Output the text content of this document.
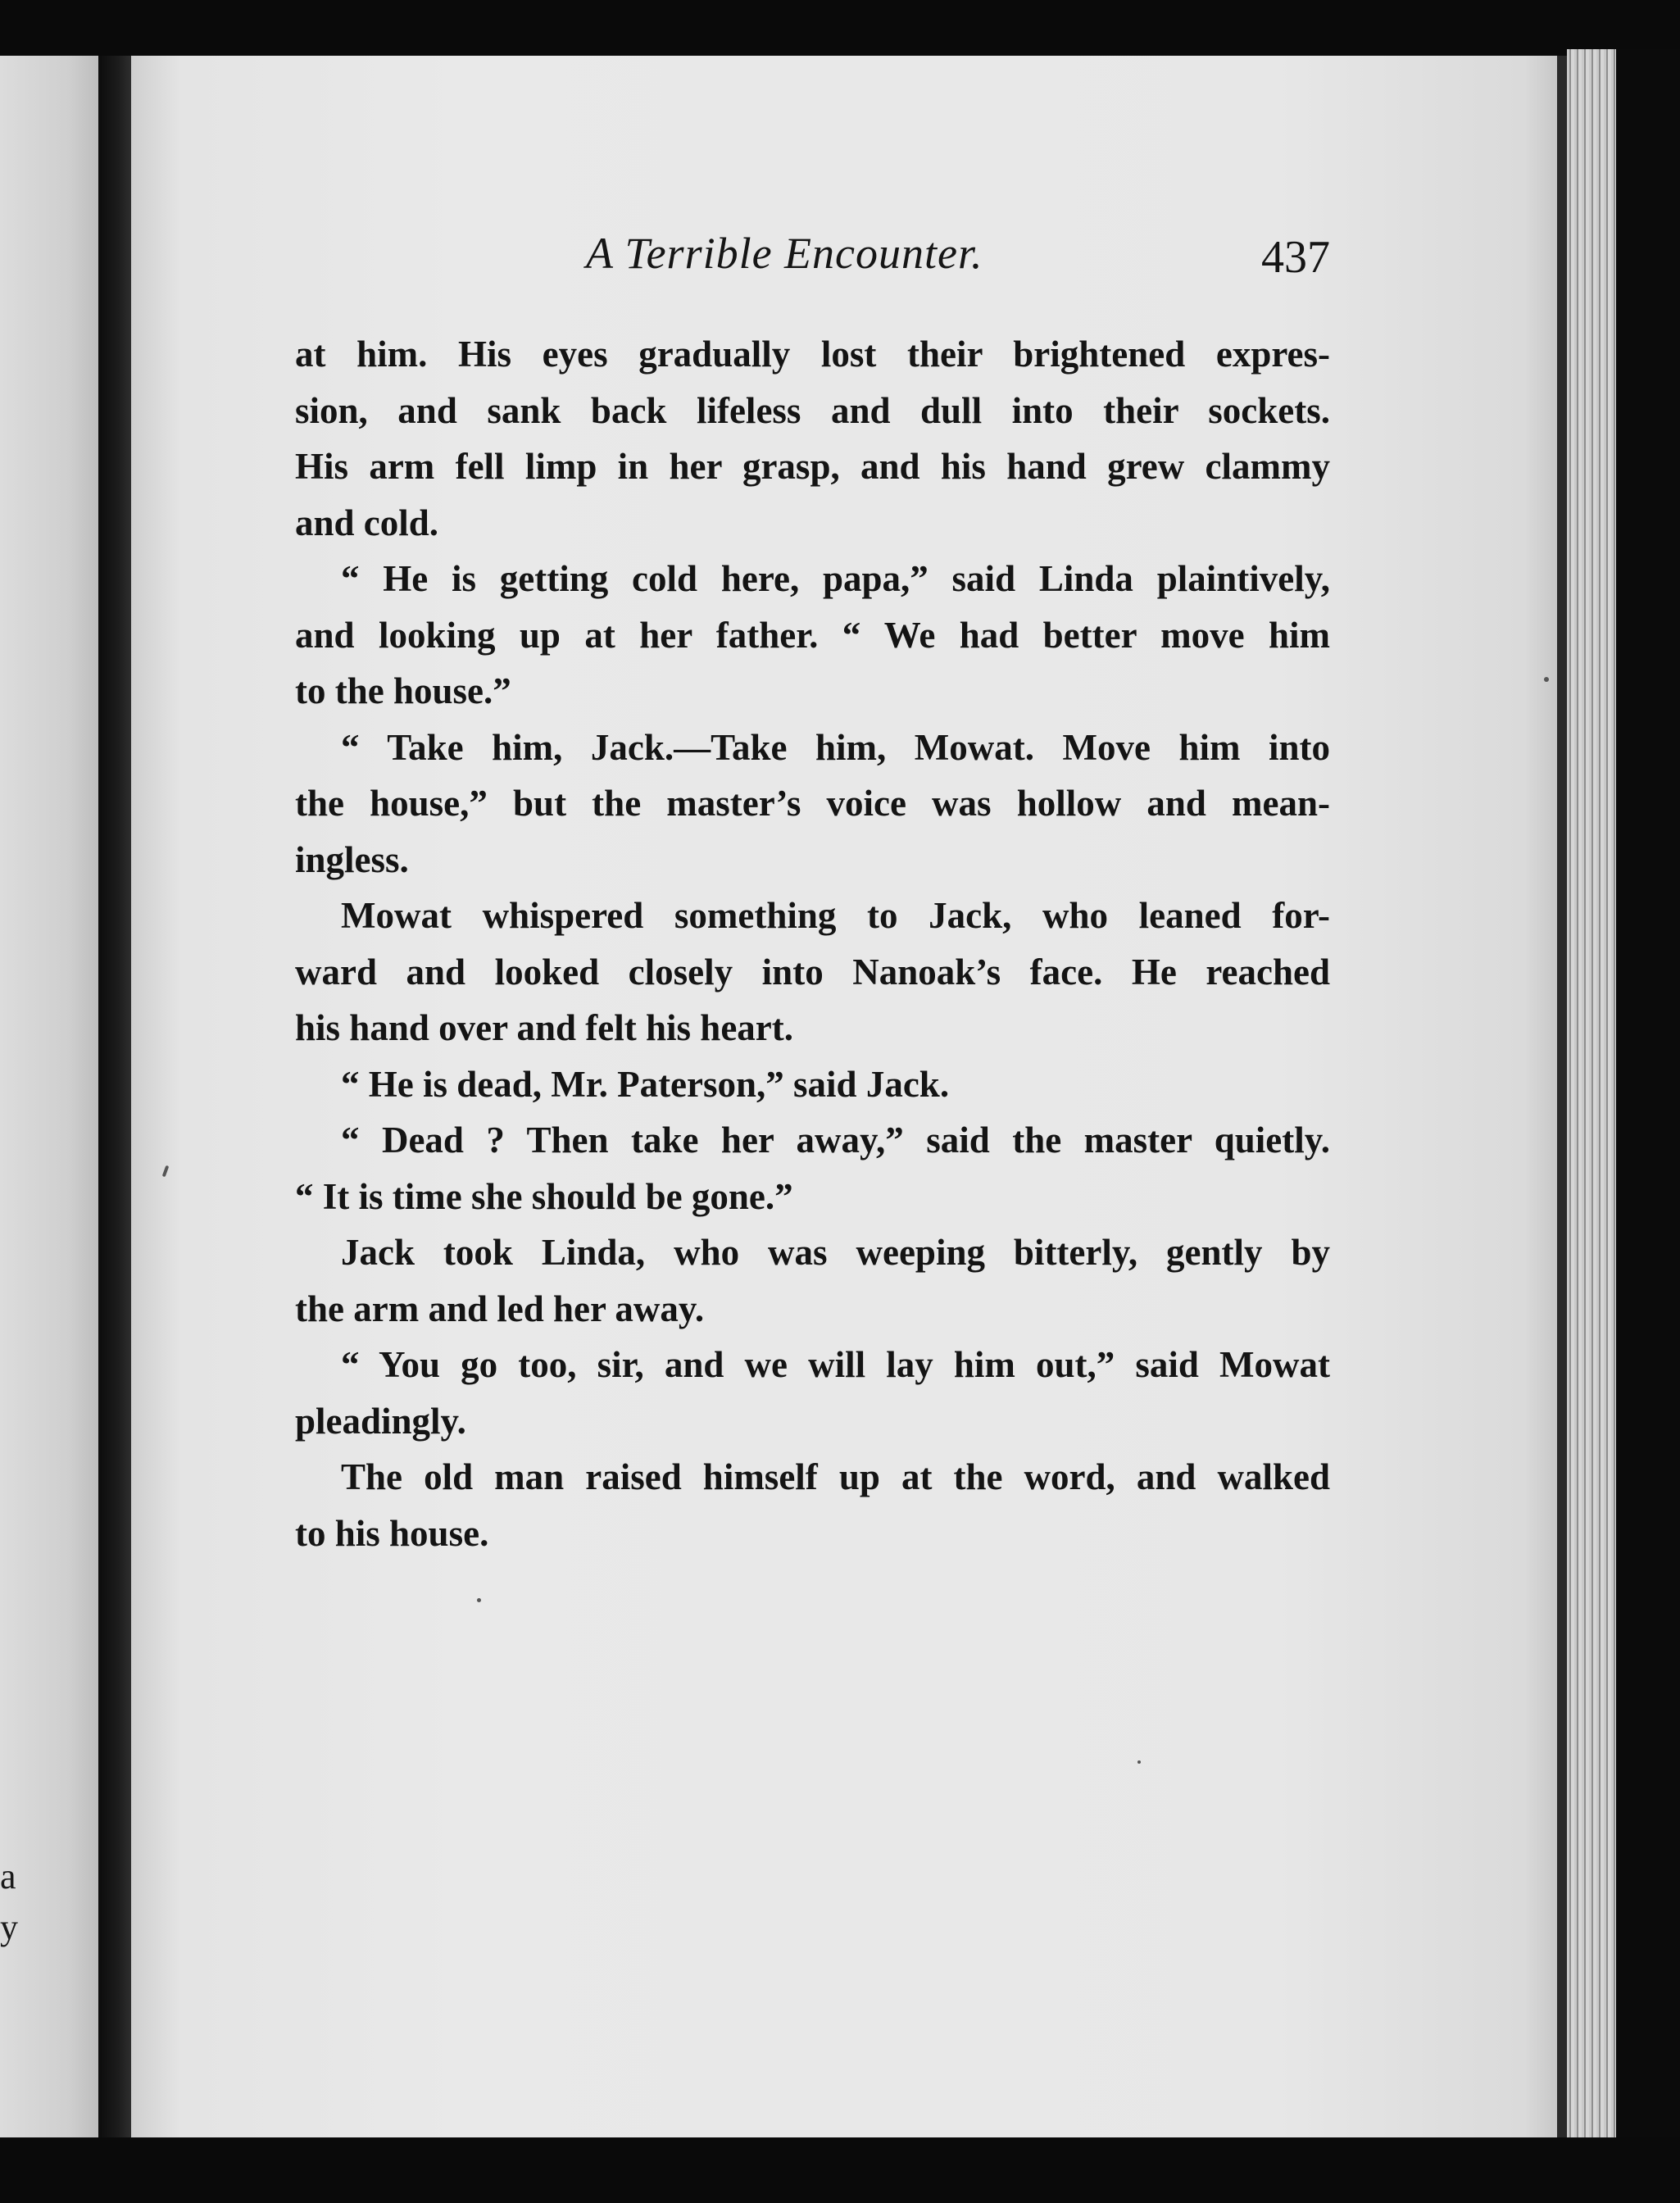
a
y
A Terrible Encounter.	437
at him. His eyes gradually lost their brightened expres-
sion, and sank back lifeless and dull into their sockets.
His arm fell limp in her grasp, and his hand grew clammy
and cold.
“ He is getting cold here, papa,” said Linda plaintively,
and looking up at her father. “ We had better move him
to the house.”
“ Take him, Jack.—Take him, Mowat. Move him into
the house,” but the master’s voice was hollow and mean-
ingless.
Mowat whispered something to Jack, who leaned for-
ward and looked closely into Nanoak’s face. He reached
his hand over and felt his heart.
“ He is dead, Mr. Paterson,” said Jack.
“ Dead ? Then take her away,” said the master quietly.
“ It is time she should be gone.”
Jack took Linda, who was weeping bitterly, gently by
the arm and led her away.
“ You go too, sir, and we will lay him out,” said Mowat
pleadingly.
The old man raised himself up at the word, and walked
to his house.
